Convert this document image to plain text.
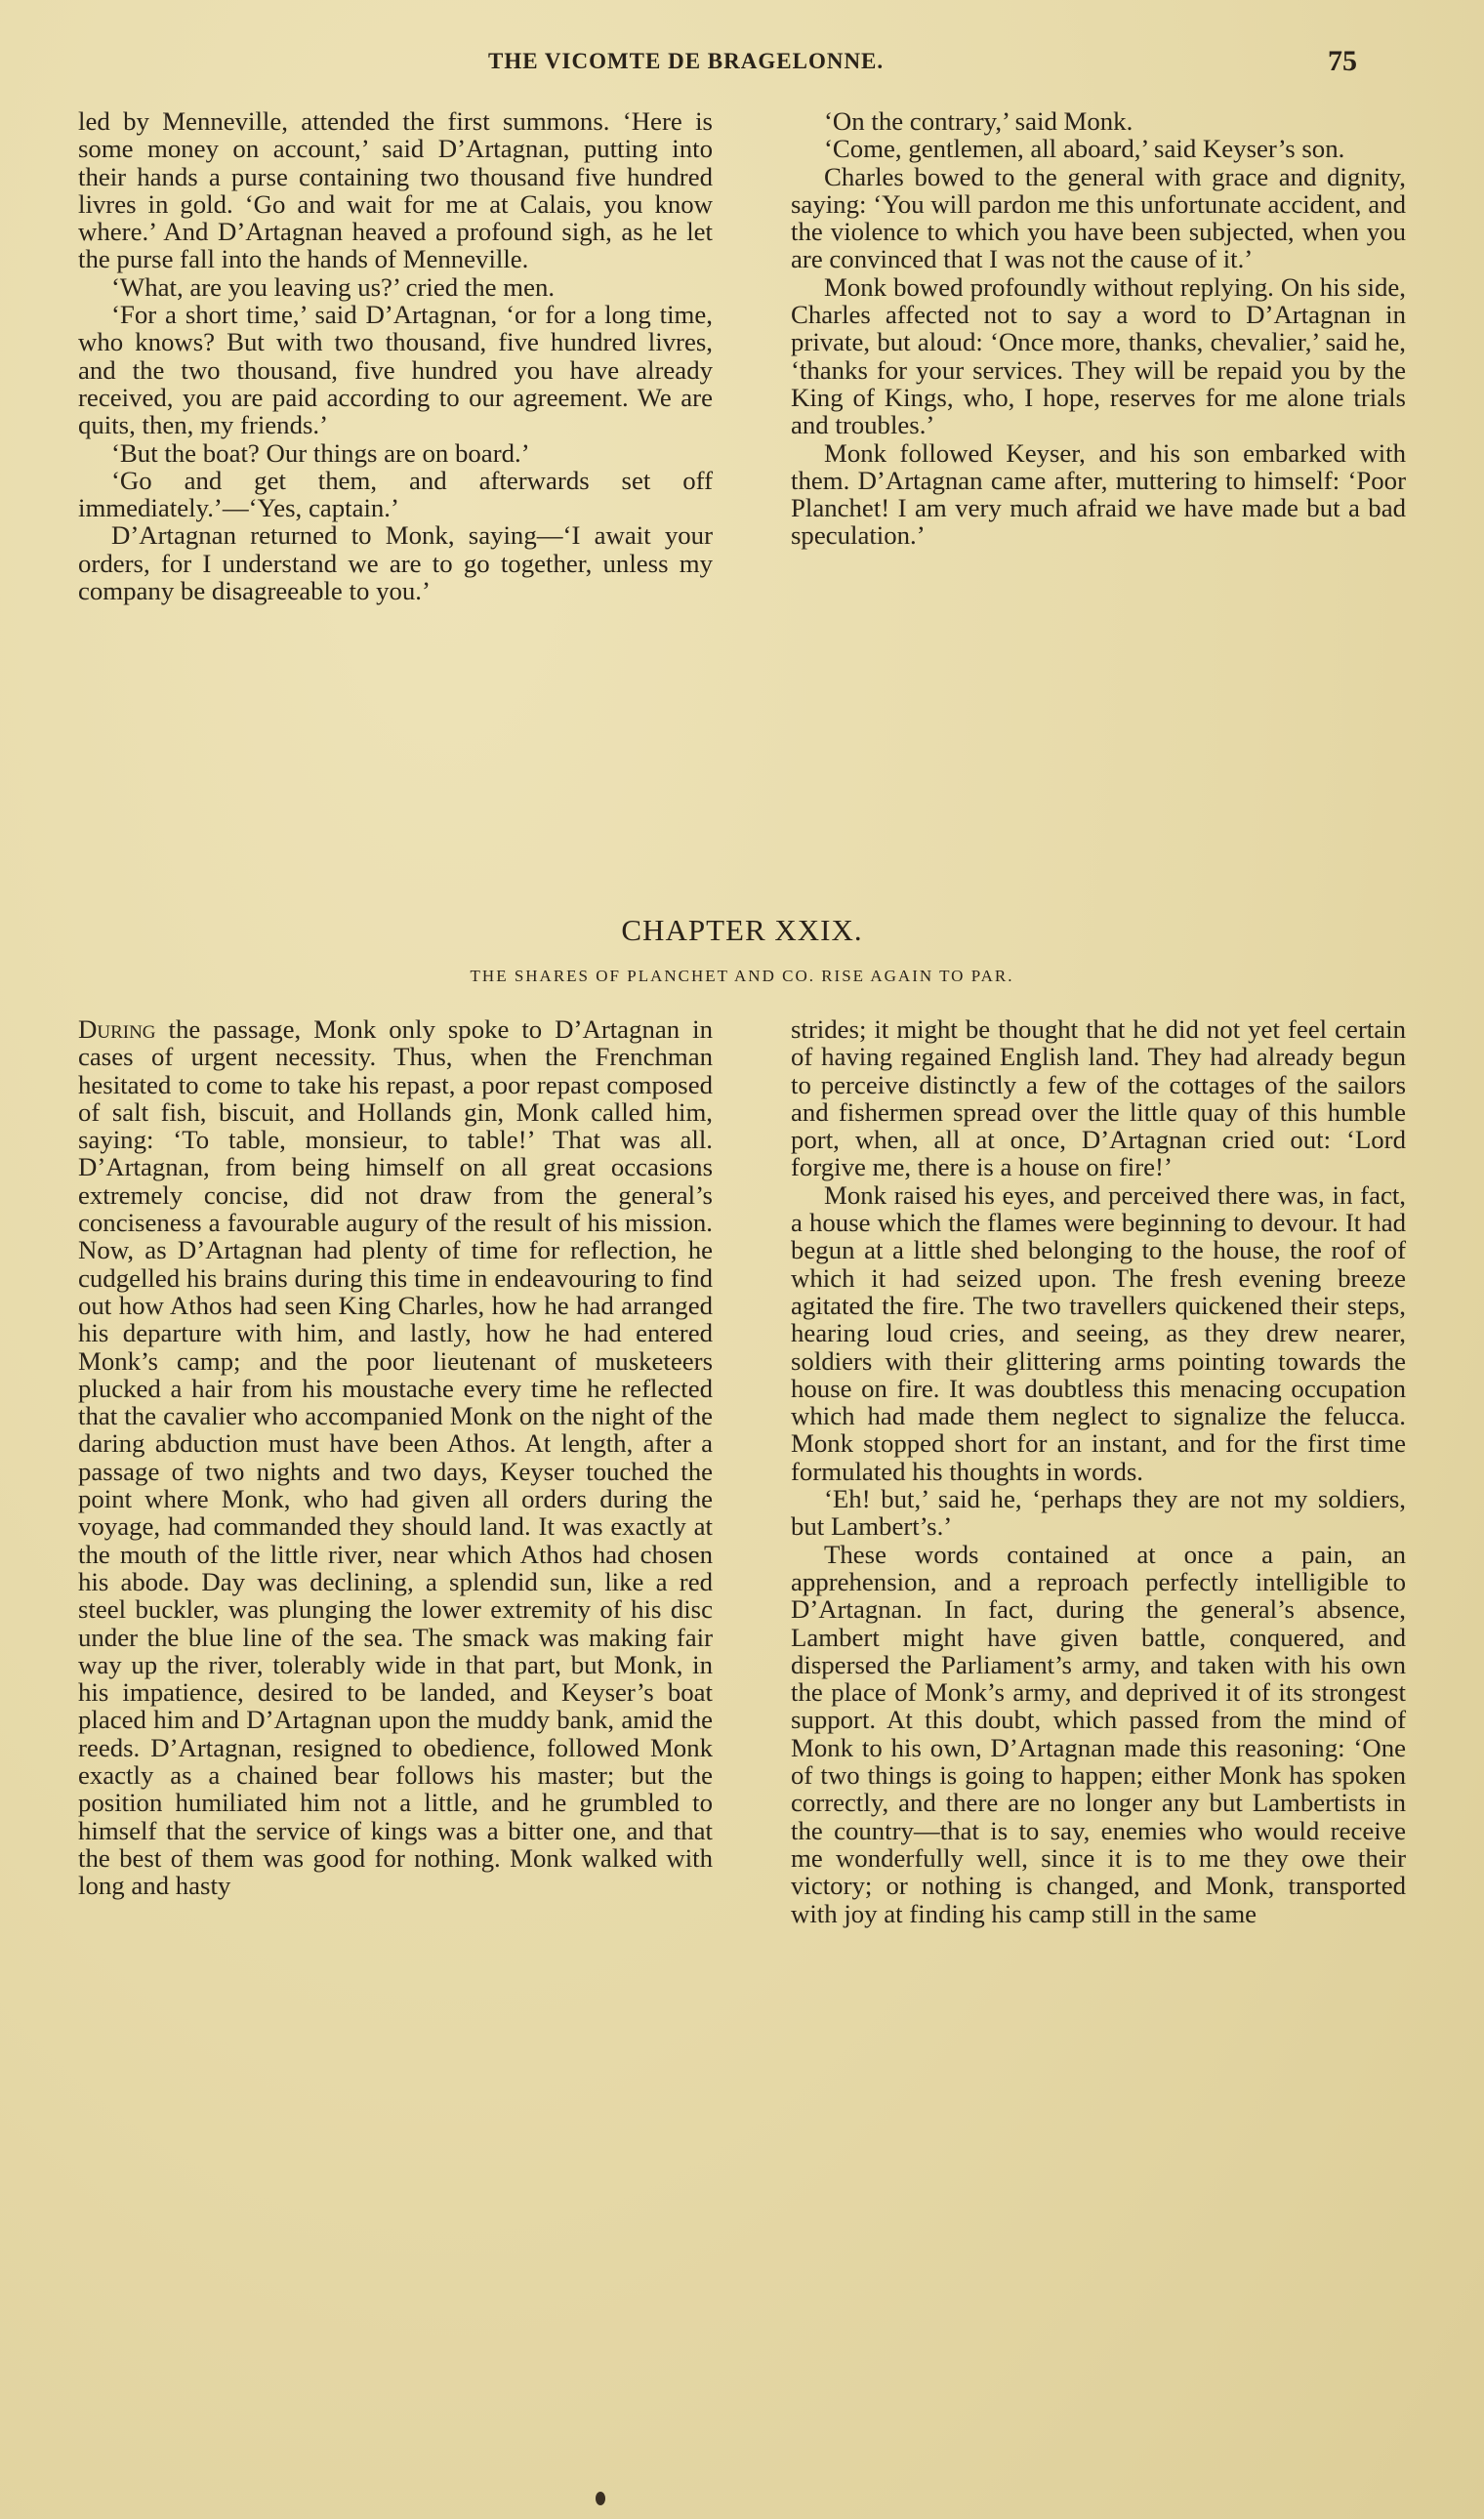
THE VICOMTE DE BRAGELONNE.	75

led by Menneville, attended the first summons. ‘Here is some money on account,’ said D’Artagnan, putting into their hands a purse containing two thousand five hundred livres in gold. ‘Go and wait for me at Calais, you know where.’ And D’Artagnan heaved a profound sigh, as he let the purse fall into the hands of Menneville.

‘What, are you leaving us?’ cried the men.

‘For a short time,’ said D’Artagnan, ‘or for a long time, who knows? But with two thousand, five hundred livres, and the two thousand, five hundred you have already received, you are paid according to our agreement. We are quits, then, my friends.’

‘But the boat? Our things are on board.’

‘Go and get them, and afterwards set off immediately.’—‘Yes, captain.’

D’Artagnan returned to Monk, saying—‘I await your orders, for I understand we are to go together, unless my company be disagreeable to you.’

‘On the contrary,’ said Monk.

‘Come, gentlemen, all aboard,’ said Keyser’s son.

Charles bowed to the general with grace and dignity, saying: ‘You will pardon me this unfortunate accident, and the violence to which you have been subjected, when you are convinced that I was not the cause of it.’

Monk bowed profoundly without replying. On his side, Charles affected not to say a word to D’Artagnan in private, but aloud: ‘Once more, thanks, chevalier,’ said he, ‘thanks for your services. They will be repaid you by the King of Kings, who, I hope, reserves for me alone trials and troubles.’

Monk followed Keyser, and his son embarked with them. D’Artagnan came after, muttering to himself: ‘Poor Planchet! I am very much afraid we have made but a bad speculation.’

CHAPTER XXIX.
THE SHARES OF PLANCHET AND CO. RISE AGAIN TO PAR.

During the passage, Monk only spoke to D’Artagnan in cases of urgent necessity. Thus, when the Frenchman hesitated to come to take his repast, a poor repast composed of salt fish, biscuit, and Hollands gin, Monk called him, saying: ‘To table, monsieur, to table!’ That was all. D’Artagnan, from being himself on all great occasions extremely concise, did not draw from the general’s conciseness a favourable augury of the result of his mission. Now, as D’Artagnan had plenty of time for reflection, he cudgelled his brains during this time in endeavouring to find out how Athos had seen King Charles, how he had arranged his departure with him, and lastly, how he had entered Monk’s camp; and the poor lieutenant of musketeers plucked a hair from his moustache every time he reflected that the cavalier who accompanied Monk on the night of the daring abduction must have been Athos. At length, after a passage of two nights and two days, Keyser touched the point where Monk, who had given all orders during the voyage, had commanded they should land. It was exactly at the mouth of the little river, near which Athos had chosen his abode. Day was declining, a splendid sun, like a red steel buckler, was plunging the lower extremity of his disc under the blue line of the sea. The smack was making fair way up the river, tolerably wide in that part, but Monk, in his impatience, desired to be landed, and Keyser’s boat placed him and D’Artagnan upon the muddy bank, amid the reeds. D’Artagnan, resigned to obedience, followed Monk exactly as a chained bear follows his master; but the position humiliated him not a little, and he grumbled to himself that the service of kings was a bitter one, and that the best of them was good for nothing. Monk walked with long and hasty

strides; it might be thought that he did not yet feel certain of having regained English land. They had already begun to perceive distinctly a few of the cottages of the sailors and fishermen spread over the little quay of this humble port, when, all at once, D’Artagnan cried out: ‘Lord forgive me, there is a house on fire!’

Monk raised his eyes, and perceived there was, in fact, a house which the flames were beginning to devour. It had begun at a little shed belonging to the house, the roof of which it had seized upon. The fresh evening breeze agitated the fire. The two travellers quickened their steps, hearing loud cries, and seeing, as they drew nearer, soldiers with their glittering arms pointing towards the house on fire. It was doubtless this menacing occupation which had made them neglect to signalize the felucca. Monk stopped short for an instant, and for the first time formulated his thoughts in words.

‘Eh! but,’ said he, ‘perhaps they are not my soldiers, but Lambert’s.’

These words contained at once a pain, an apprehension, and a reproach perfectly intelligible to D’Artagnan. In fact, during the general’s absence, Lambert might have given battle, conquered, and dispersed the Parliament’s army, and taken with his own the place of Monk’s army, and deprived it of its strongest support. At this doubt, which passed from the mind of Monk to his own, D’Artagnan made this reasoning: ‘One of two things is going to happen; either Monk has spoken correctly, and there are no longer any but Lambertists in the country—that is to say, enemies who would receive me wonderfully well, since it is to me they owe their victory; or nothing is changed, and Monk, transported with joy at finding his camp still in the same
